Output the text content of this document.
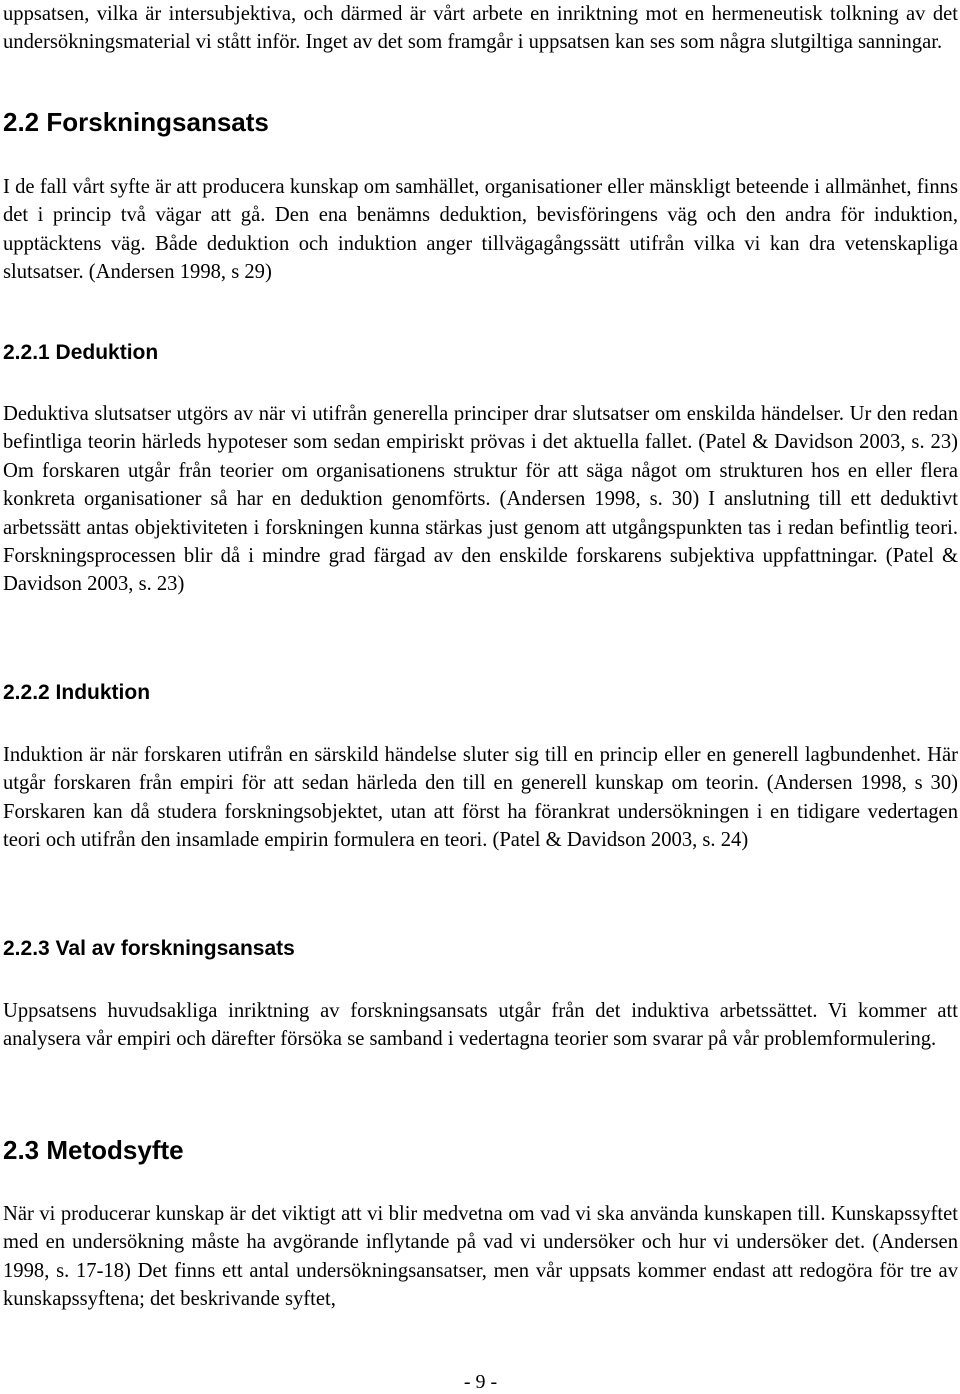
uppsatsen, vilka är intersubjektiva, och därmed är vårt arbete en inriktning mot en hermeneutisk tolkning av det undersökningsmaterial vi stått inför. Inget av det som framgår i uppsatsen kan ses som några slutgiltiga sanningar.

2.2 Forskningsansats

I de fall vårt syfte är att producera kunskap om samhället, organisationer eller mänskligt beteende i allmänhet, finns det i princip två vägar att gå. Den ena benämns deduktion, bevisföringens väg och den andra för induktion, upptäcktens väg. Både deduktion och induktion anger tillvägagångssätt utifrån vilka vi kan dra vetenskapliga slutsatser. (Andersen 1998, s 29)

2.2.1 Deduktion

Deduktiva slutsatser utgörs av när vi utifrån generella principer drar slutsatser om enskilda händelser. Ur den redan befintliga teorin härleds hypoteser som sedan empiriskt prövas i det aktuella fallet. (Patel & Davidson 2003, s. 23) Om forskaren utgår från teorier om organisationens struktur för att säga något om strukturen hos en eller flera konkreta organisationer så har en deduktion genomförts. (Andersen 1998, s. 30) I anslutning till ett deduktivt arbetssätt antas objektiviteten i forskningen kunna stärkas just genom att utgångspunkten tas i redan befintlig teori. Forskningsprocessen blir då i mindre grad färgad av den enskilde forskarens subjektiva uppfattningar. (Patel & Davidson 2003, s. 23)

2.2.2 Induktion

Induktion är när forskaren utifrån en särskild händelse sluter sig till en princip eller en generell lagbundenhet. Här utgår forskaren från empiri för att sedan härleda den till en generell kunskap om teorin. (Andersen 1998, s 30) Forskaren kan då studera forskningsobjektet, utan att först ha förankrat undersökningen i en tidigare vedertagen teori och utifrån den insamlade empirin formulera en teori. (Patel & Davidson 2003, s. 24)

2.2.3 Val av forskningsansats

Uppsatsens huvudsakliga inriktning av forskningsansats utgår från det induktiva arbetssättet. Vi kommer att analysera vår empiri och därefter försöka se samband i vedertagna teorier som svarar på vår problemformulering.

2.3 Metodsyfte

När vi producerar kunskap är det viktigt att vi blir medvetna om vad vi ska använda kunskapen till. Kunskapssyftet med en undersökning måste ha avgörande inflytande på vad vi undersöker och hur vi undersöker det. (Andersen 1998, s. 17-18) Det finns ett antal undersökningsansatser, men vår uppsats kommer endast att redogöra för tre av kunskapssyftena; det beskrivande syftet,

- 9 -
